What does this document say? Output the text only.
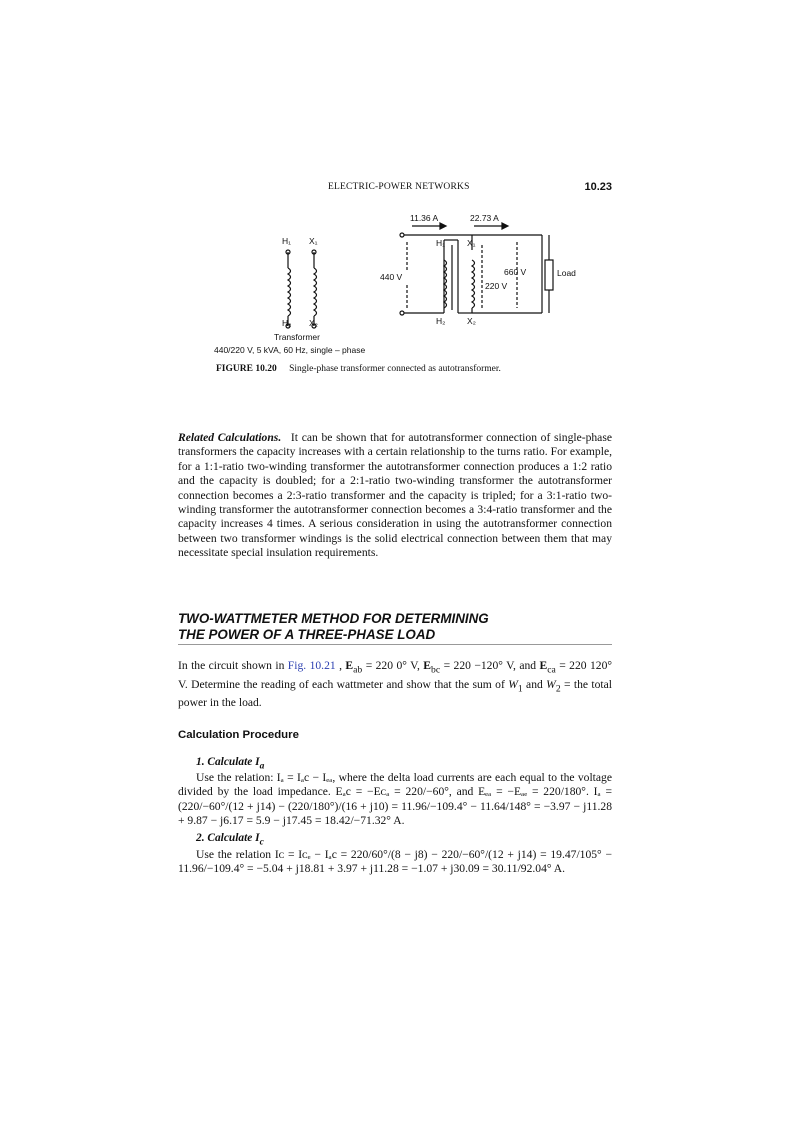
ELECTRIC-POWER NETWORKS	10.23
H₁ X₁
H₂ X₂
Transformer
440/220 V, 5 kVA, 60 Hz, single – phase
11.36 A	22.73 A
H₁	X₁
H₂	X₂
440 V
220 V
660 V	Load
FIGURE 10.20 Single-phase transformer connected as autotransformer.
Related Calculations. It can be shown that for autotransformer connection of single-phase transformers the capacity increases with a certain relationship to the turns ratio. For example, for a 1:1-ratio two-winding transformer the autotransformer connection produces a 1:2 ratio and the capacity is doubled; for a 2:1-ratio two-winding transformer the autotransformer connection becomes a 2:3-ratio transformer and the capacity is tripled; for a 3:1-ratio two-winding transformer the autotransformer connection becomes a 3:4-ratio transformer and the capacity increases 4 times. A serious consideration in using the autotransformer connection between two transformer windings is the solid electrical connection between them that may necessitate special insulation requirements.
TWO-WATTMETER METHOD FOR DETERMINING
THE POWER OF A THREE-PHASE LOAD
In the circuit shown in Fig. 10.21 , $E_{ab} = 220$ 0° V, $E_{bc} = 220 -120^\circ$ V, and $E_{ca} = 220$ 120° V. Determine the reading of each wattmeter and show that the sum of $W_1$ and $W_2$ = the total power in the load.
Calculation Procedure
1. Calculate $I_a$
Use the relation: Iₐ = Iₐc − Iₑₐ, where the delta load currents are each equal to the voltage divided by the load impedance. Eₐc = −Eᴄₐ = 220/−60°, and Eₑₐ = −Eₐₑ = 220/180°. Iₐ = (220/−60°/(12 + j14) − (220/180°)/(16 + j10) = 11.96/−109.4° − 11.64/148° = −3.97 − j11.28 + 9.87 − j6.17 = 5.9 − j17.45 = 18.42/−71.32° A.
2. Calculate $I_c$
Use the relation Iᴄ = Iᴄₑ − Iₐc = 220/60°/(8 − j8) − 220/−60°/(12 + j14) = 19.47/105° − 11.96/−109.4° = −5.04 + j18.81 + 3.97 + j11.28 = −1.07 + j30.09 = 30.11/92.04° A.
